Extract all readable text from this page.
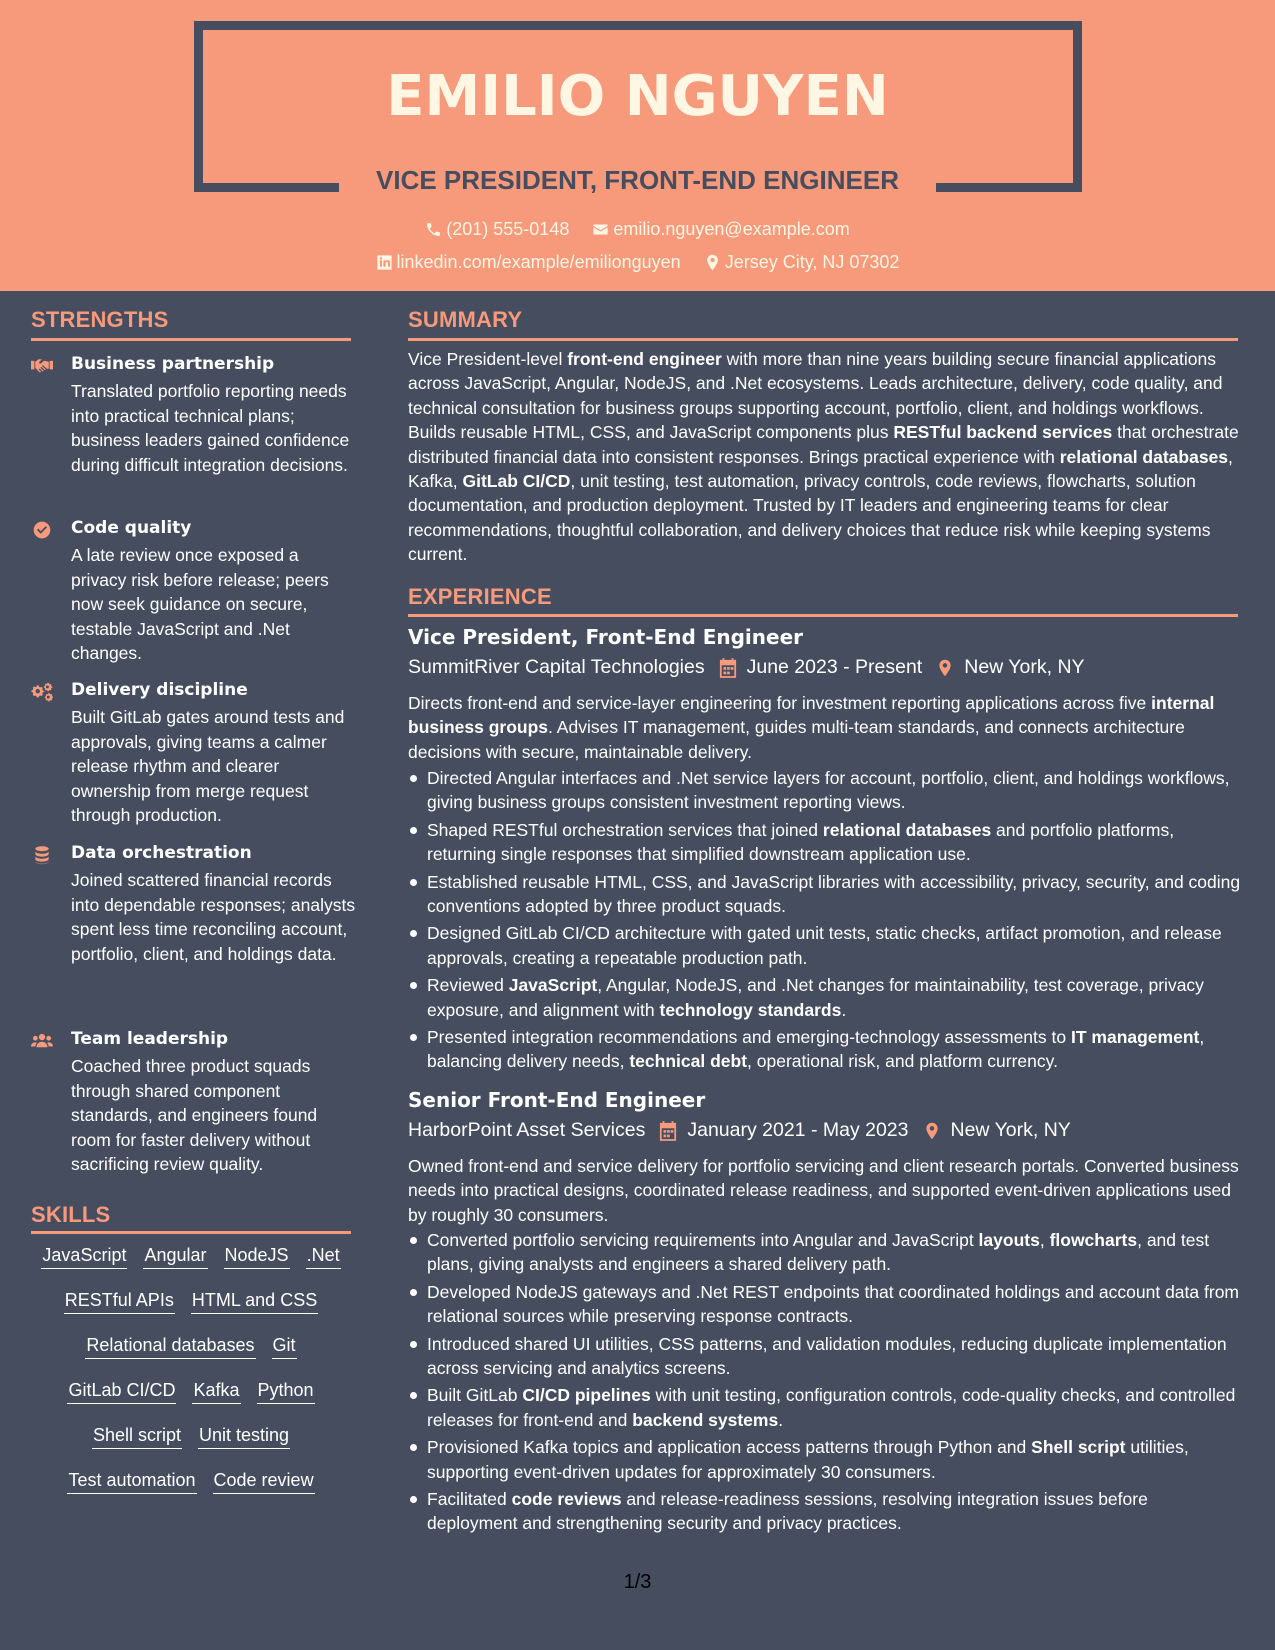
EMILIO NGUYEN
VICE PRESIDENT, FRONT-END ENGINEER
(201) 555-0148
emilio.nguyen@example.com
linkedin.com/example/emilionguyen
Jersey City, NJ 07302
STRENGTHS
Business partnership
Translated portfolio reporting needs into practical technical plans; business leaders gained confidence during difficult integration decisions.
Code quality
A late review once exposed a privacy risk before release; peers now seek guidance on secure, testable JavaScript and .Net changes.
Delivery discipline
Built GitLab gates around tests and approvals, giving teams a calmer release rhythm and clearer ownership from merge request through production.
Data orchestration
Joined scattered financial records into dependable responses; analysts spent less time reconciling account, portfolio, client, and holdings data.
Team leadership
Coached three product squads through shared component standards, and engineers found room for faster delivery without sacrificing review quality.
SKILLS
JavaScript Angular NodeJS .Net
RESTful APIs HTML and CSS
Relational databases Git
GitLab CI/CD Kafka Python
Shell script Unit testing
Test automation Code review
SUMMARY
Vice President-level front-end engineer with more than nine years building secure financial applications across JavaScript, Angular, NodeJS, and .Net ecosystems. Leads architecture, delivery, code quality, and technical consultation for business groups supporting account, portfolio, client, and holdings workflows. Builds reusable HTML, CSS, and JavaScript components plus RESTful backend services that orchestrate distributed financial data into consistent responses. Brings practical experience with relational databases, Kafka, GitLab CI/CD, unit testing, test automation, privacy controls, code reviews, flowcharts, solution documentation, and production deployment. Trusted by IT leaders and engineering teams for clear recommendations, thoughtful collaboration, and delivery choices that reduce risk while keeping systems current.
EXPERIENCE
Vice President, Front-End Engineer
SummitRiver Capital Technologies June 2023 - Present New York, NY
Directs front-end and service-layer engineering for investment reporting applications across five internal business groups. Advises IT management, guides multi-team standards, and connects architecture decisions with secure, maintainable delivery.
Directed Angular interfaces and .Net service layers for account, portfolio, client, and holdings workflows, giving business groups consistent investment reporting views.
Shaped RESTful orchestration services that joined relational databases and portfolio platforms, returning single responses that simplified downstream application use.
Established reusable HTML, CSS, and JavaScript libraries with accessibility, privacy, security, and coding conventions adopted by three product squads.
Designed GitLab CI/CD architecture with gated unit tests, static checks, artifact promotion, and release approvals, creating a repeatable production path.
Reviewed JavaScript, Angular, NodeJS, and .Net changes for maintainability, test coverage, privacy exposure, and alignment with technology standards.
Presented integration recommendations and emerging-technology assessments to IT management, balancing delivery needs, technical debt, operational risk, and platform currency.
Senior Front-End Engineer
HarborPoint Asset Services January 2021 - May 2023 New York, NY
Owned front-end and service delivery for portfolio servicing and client research portals. Converted business needs into practical designs, coordinated release readiness, and supported event-driven applications used by roughly 30 consumers.
Converted portfolio servicing requirements into Angular and JavaScript layouts, flowcharts, and test plans, giving analysts and engineers a shared delivery path.
Developed NodeJS gateways and .Net REST endpoints that coordinated holdings and account data from relational sources while preserving response contracts.
Introduced shared UI utilities, CSS patterns, and validation modules, reducing duplicate implementation across servicing and analytics screens.
Built GitLab CI/CD pipelines with unit testing, configuration controls, code-quality checks, and controlled releases for front-end and backend systems.
Provisioned Kafka topics and application access patterns through Python and Shell script utilities, supporting event-driven updates for approximately 30 consumers.
Facilitated code reviews and release-readiness sessions, resolving integration issues before deployment and strengthening security and privacy practices.
1/3
